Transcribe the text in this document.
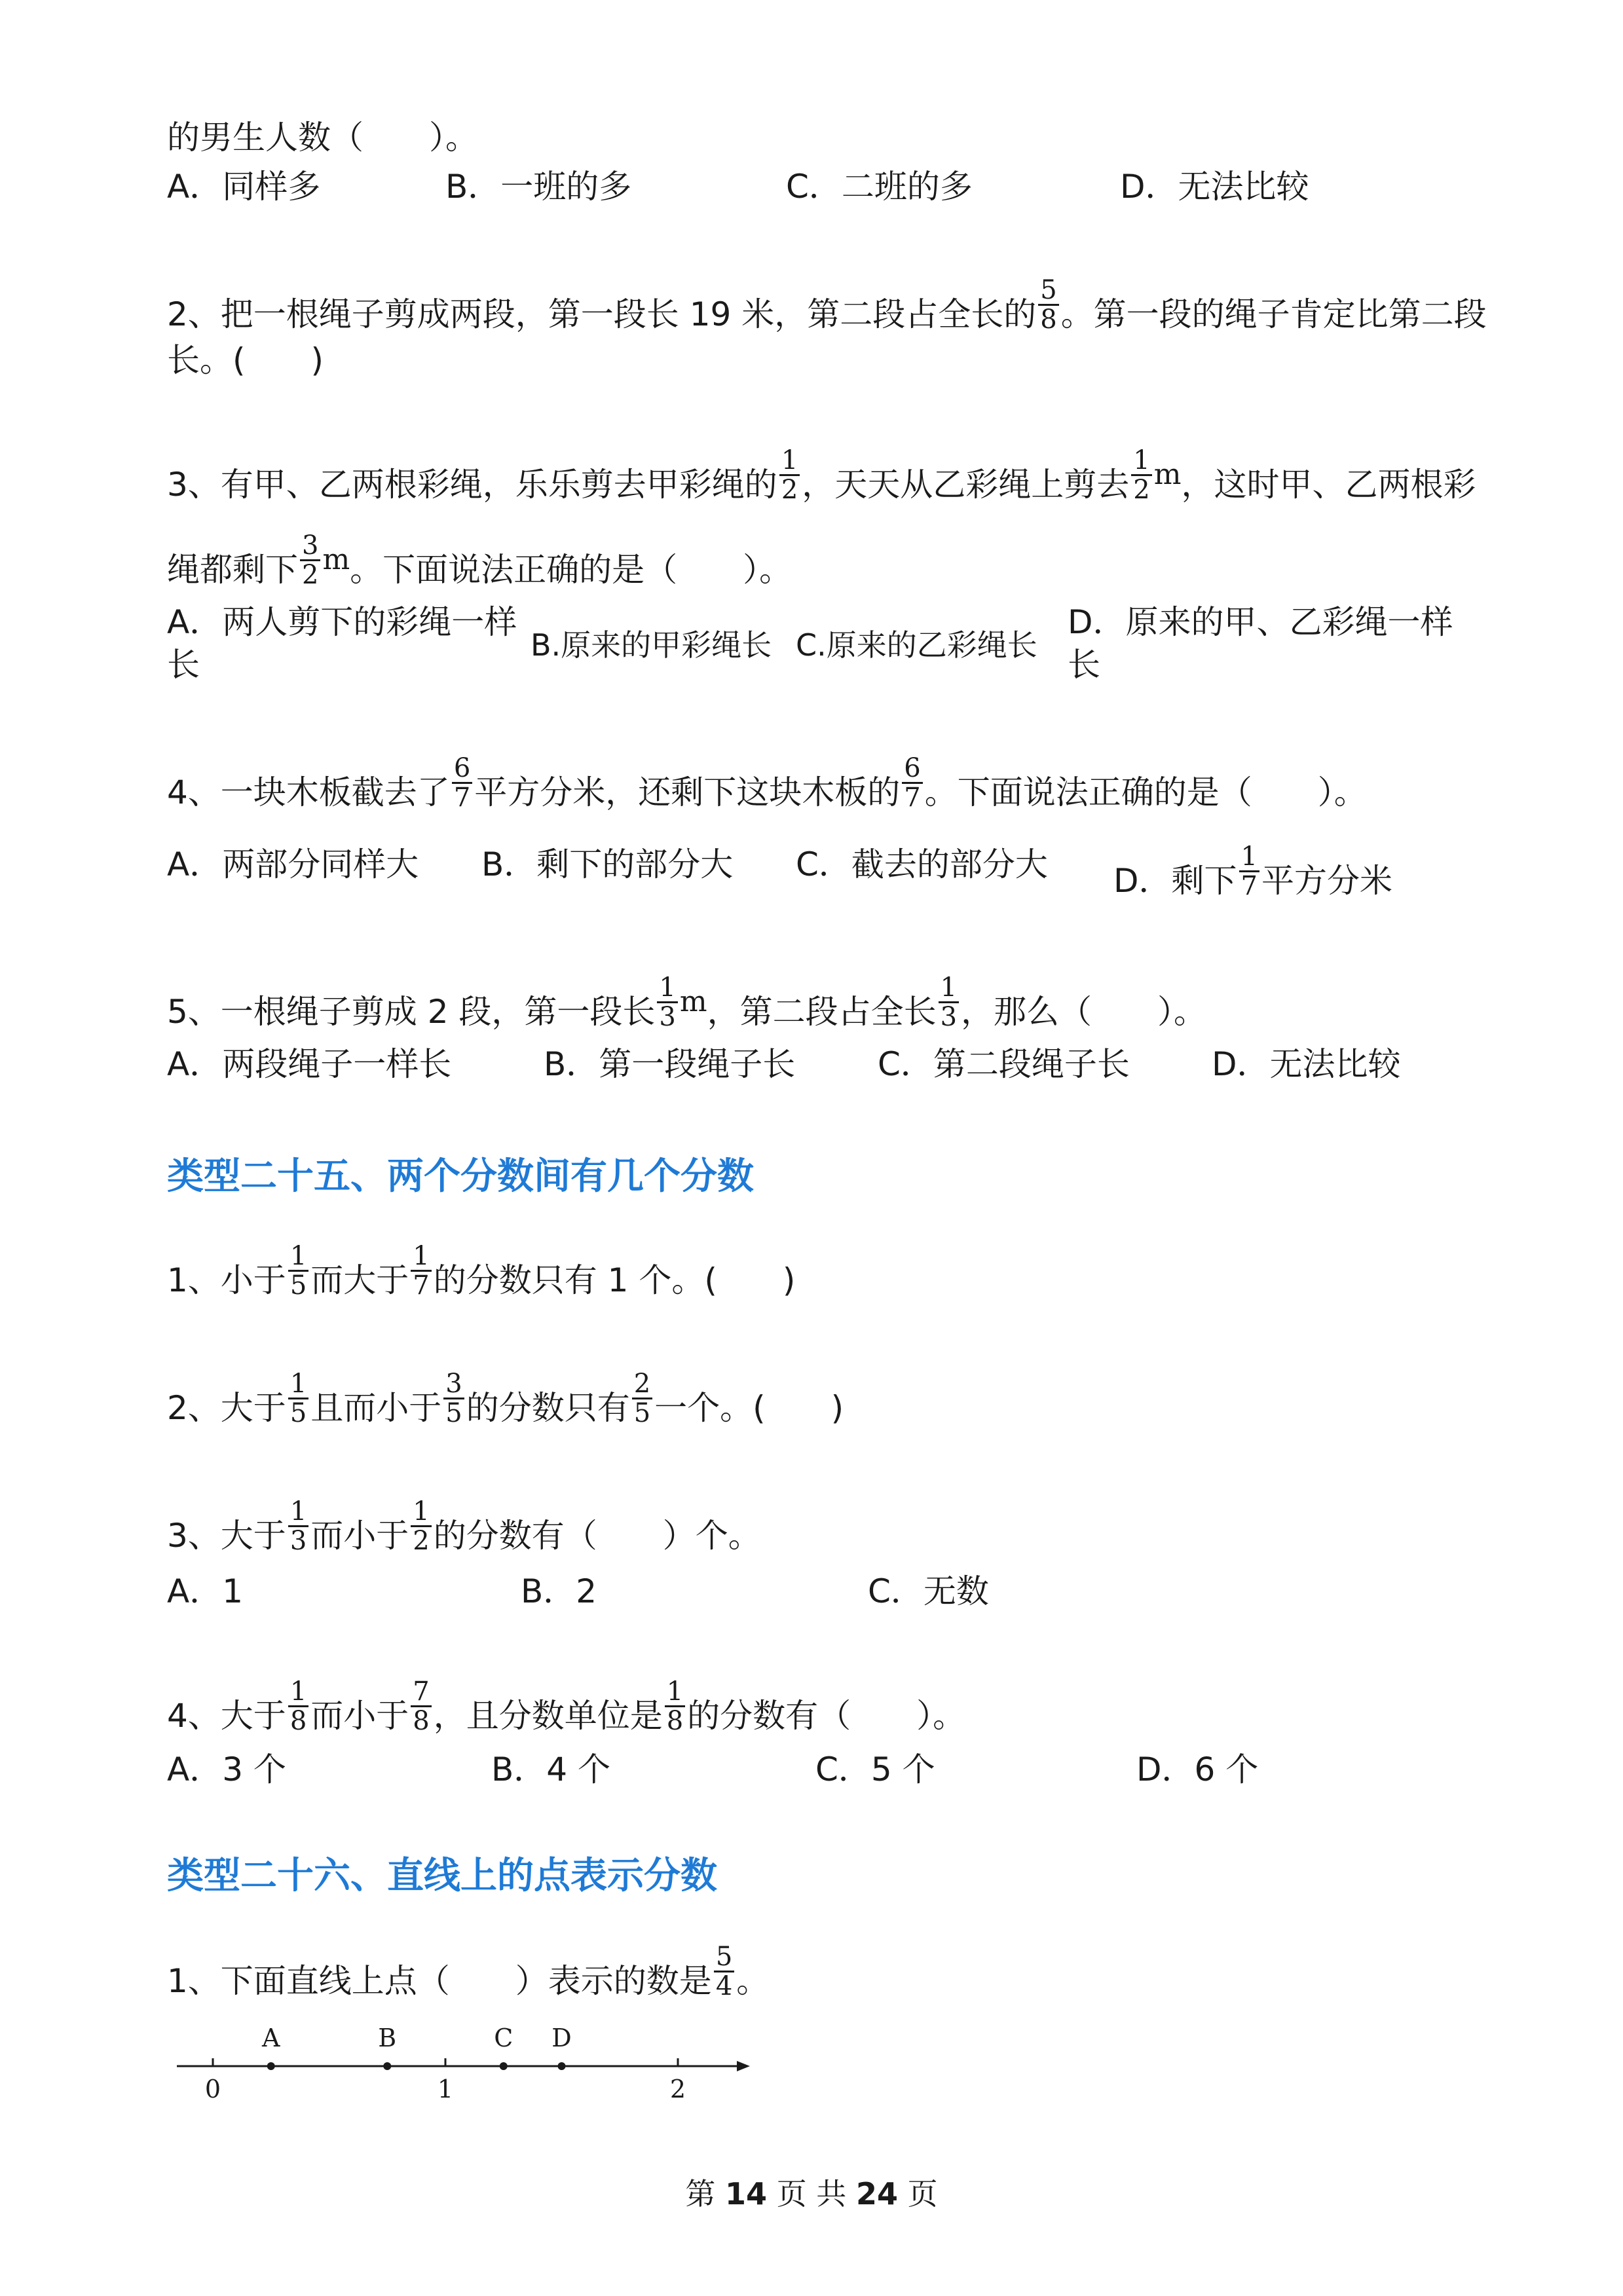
的男生人数（　　）。
A．同样多	B．一班的多	C．二班的多	D．无法比较
2、把一根绳子剪成两段，第一段长 19 米，第二段占全长的 $\frac{5}{8}$ 。第一段的绳子肯定比第二段
长。(　　)
3、有甲、乙两根彩绳，乐乐剪去甲彩绳的 $\frac{1}{2}$ ，天天从乙彩绳上剪去 $\frac{1}{2}$ m，这时甲、乙两根彩
绳都剩下 $\frac{3}{2}$ m。下面说法正确的是（　　）。
A．两人剪下的彩绳一样
长
B.原来的甲彩绳长 C.原来的乙彩绳长
D．原来的甲、乙彩绳一样
长
4、一块木板截去了 $\frac{6}{7}$ 平方分米，还剩下这块木板的 $\frac{6}{7}$ 。下面说法正确的是（　　）。
A．两部分同样大 B．剩下的部分大 C．截去的部分大 D．剩下 $\frac{1}{7}$ 平方分米
5、一根绳子剪成 2 段，第一段长 $\frac{1}{3}$ m，第二段占全长 $\frac{1}{3}$ ，那么（　　）。
A．两段绳子一样长	B．第一段绳子长	C．第二段绳子长	D．无法比较
类型二十五、两个分数间有几个分数
1、小于 $\frac{1}{5}$ 而大于 $\frac{1}{7}$ 的分数只有 1 个。(　　)
2、大于 $\frac{1}{5}$ 且而小于 $\frac{3}{5}$ 的分数只有 $\frac{2}{5}$ 一个。(　　)
3、大于 $\frac{1}{3}$ 而小于 $\frac{1}{2}$ 的分数有（　　）个。
A．1	B．2	C．无数
4、大于 $\frac{1}{8}$ 而小于 $\frac{7}{8}$ ，且分数单位是 $\frac{1}{8}$ 的分数有（　　）。
A．3 个	B．4 个	C．5 个	D．6 个
类型二十六、直线上的点表示分数
1、下面直线上点（　　）表示的数是 $\frac{5}{4}$ 。
0	1	2
A	B	C D
第 14 页 共 24 页
